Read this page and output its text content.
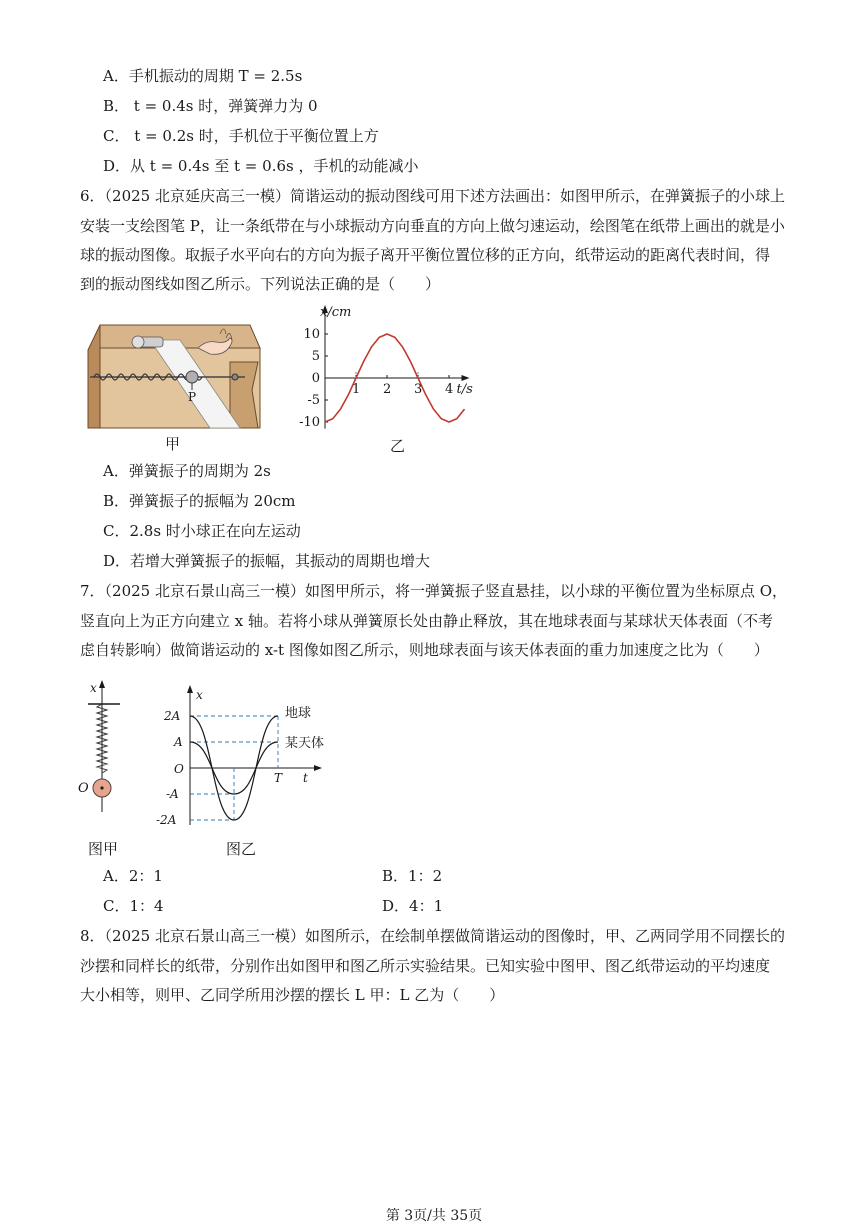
A．手机振动的周期 T = 2.5s
B． t = 0.4s 时，弹簧弹力为 0
C． t = 0.2s 时，手机位于平衡位置上方
D．从 t = 0.4s 至 t = 0.6s ，手机的动能减小
6．（2025 北京延庆高三一模）简谐运动的振动图线可用下述方法画出：如图甲所示，在弹簧振子的小球上
安装一支绘图笔 P，让一条纸带在与小球振动方向垂直的方向上做匀速运动，绘图笔在纸带上画出的就是小
球的振动图像。取振子水平向右的方向为振子离开平衡位置位移的正方向，纸带运动的距离代表时间，得
到的振动图线如图乙所示。下列说法正确的是（　　）
P
甲
x/cm
t/s
1 2 3 4
10
5
0
-5
-10
乙
A．弹簧振子的周期为 2s
B．弹簧振子的振幅为 20cm
C．2.8s 时小球正在向左运动
D．若增大弹簧振子的振幅，其振动的周期也增大
7．（2025 北京石景山高三一模）如图甲所示，将一弹簧振子竖直悬挂，以小球的平衡位置为坐标原点 O，
竖直向上为正方向建立 x 轴。若将小球从弹簧原长处由静止释放，其在地球表面与某球状天体表面（不考
虑自转影响）做简谐运动的 x-t 图像如图乙所示，则地球表面与该天体表面的重力加速度之比为（　　）
x
O
图甲
x
t
O
T
2A
A
-A
-2A
地球
某天体
图乙
A．2：1	B．1：2
C．1：4	D．4：1
8．（2025 北京石景山高三一模）如图所示，在绘制单摆做简谐运动的图像时，甲、乙两同学用不同摆长的
沙摆和同样长的纸带，分别作出如图甲和图乙所示实验结果。已知实验中图甲、图乙纸带运动的平均速度
大小相等，则甲、乙同学所用沙摆的摆长 L 甲：L 乙为（　　）
第 3页/共 35页
